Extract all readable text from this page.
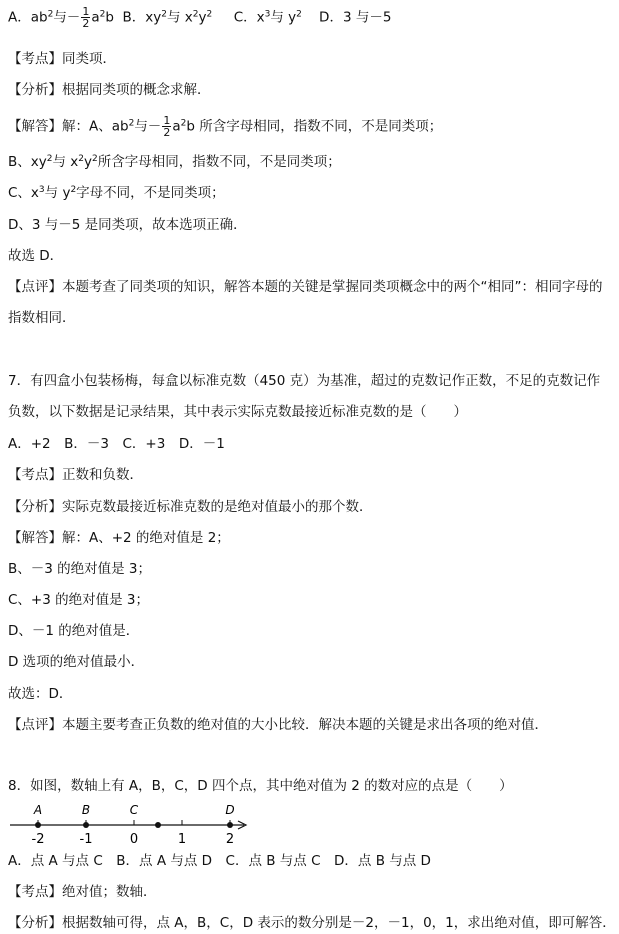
A．$ab^2$与－ $\frac{1}{2} a^2b$ B．$xy^2$与 $x^2y^2$ C．$x^3$与 $y^2$ D．3 与－5
【考点】同类项．
【分析】根据同类项的概念求解．
【解答】解：A、$ab^2$与－ $\frac{1}{2} a^2b$ 所含字母相同，指数不同，不是同类项；
B、$xy^2$与 $x^2y^2$所含字母相同，指数不同，不是同类项；
C、$x^3$与 $y^2$字母不同，不是同类项；
D、3 与－5 是同类项，故本选项正确．
故选 D．
【点评】本题考查了同类项的知识，解答本题的关键是掌握同类项概念中的两个“相同”：相同字母的指数相同．
7．有四盒小包装杨梅，每盒以标准克数（450 克）为基准，超过的克数记作正数，不足的克数记作负数，以下数据是记录结果，其中表示实际克数最接近标准克数的是（　　）
A．+2　B．－3　C．+3　D．－1
【考点】正数和负数．
【分析】实际克数最接近标准克数的是绝对值最小的那个数．
【解答】解：A、+2 的绝对值是 2；
B、－3 的绝对值是 3；
C、+3 的绝对值是 3；
D、－1 的绝对值是．
D 选项的绝对值最小．
故选：D．
【点评】本题主要考查正负数的绝对值的大小比较．解决本题的关键是求出各项的绝对值．
8．如图，数轴上有 A，B，C，D 四个点，其中绝对值为 2 的数对应的点是（　　）
-2	-1	0	1	2
A	B	C	D
A．点 A 与点 C　B．点 A 与点 D　C．点 B 与点 C　D．点 B 与点 D
【考点】绝对值；数轴．
【分析】根据数轴可得，点 A，B，C，D 表示的数分别是－2，－1，0，1，求出绝对值，即可解答．
